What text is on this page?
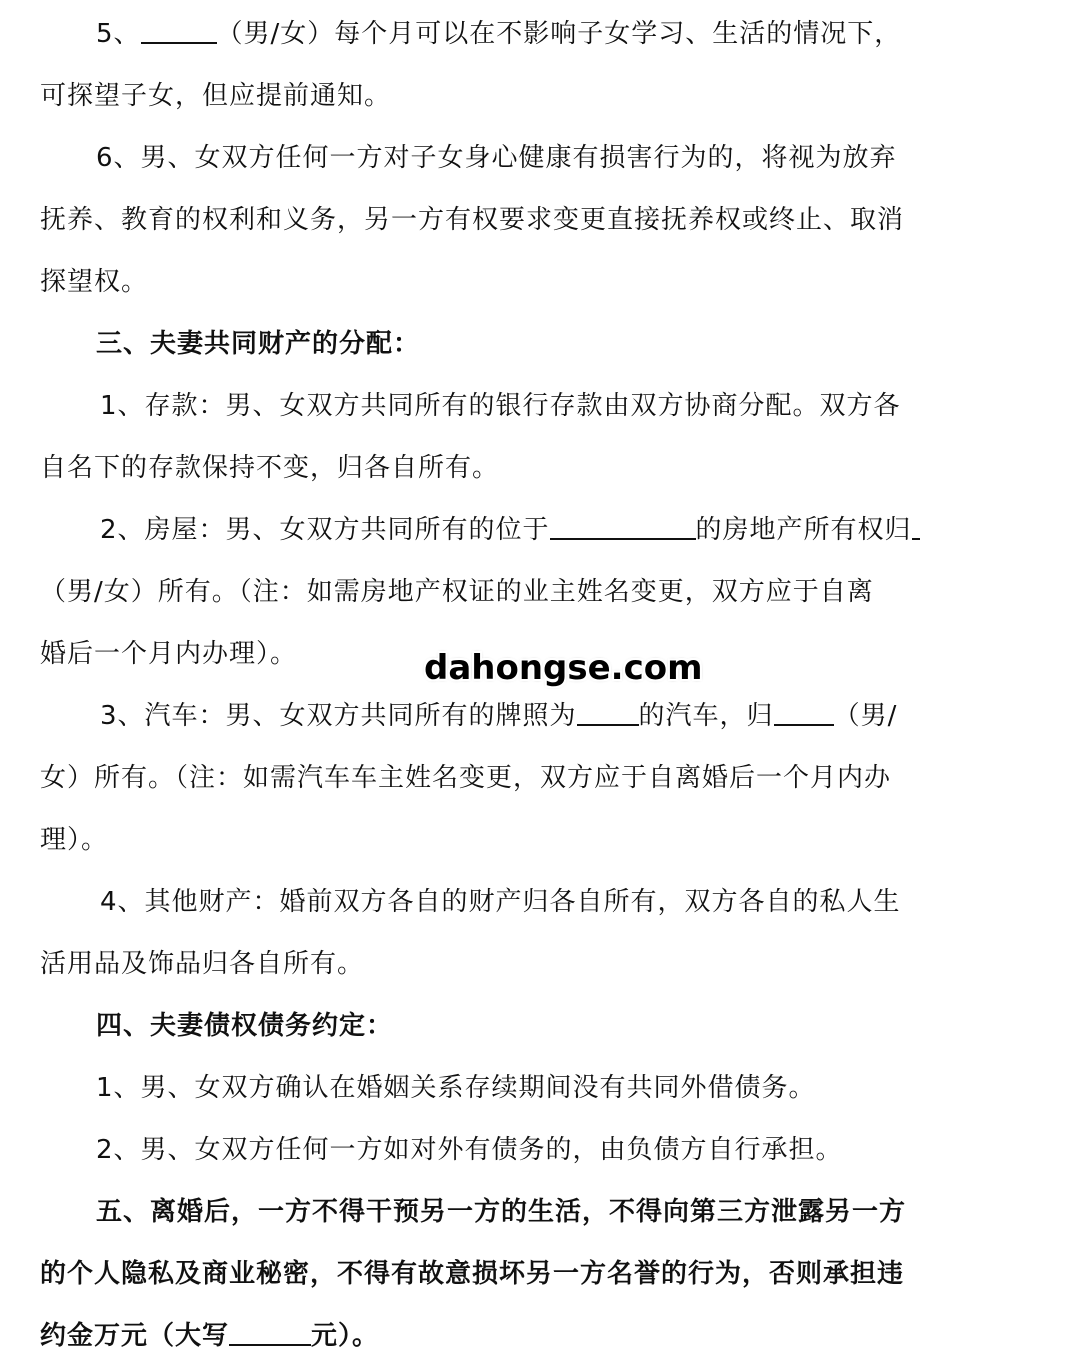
5、	（男/女）每个月可以在不影响子女学习、生活的情况下，
可探望子女，但应提前通知。
6、男、女双方任何一方对子女身心健康有损害行为的，将视为放弃
抚养、教育的权利和义务，另一方有权要求变更直接抚养权或终止、取消
探望权。
三、夫妻共同财产的分配：
1、存款：男、女双方共同所有的银行存款由双方协商分配。双方各
自名下的存款保持不变，归各自所有。
2、房屋：男、女双方共同所有的位于	的房地产所有权归
（男/女）所有。（注：如需房地产权证的业主姓名变更，双方应于自离
婚后一个月内办理）。
3、汽车：男、女双方共同所有的牌照为 的汽车，归 （男/
女）所有。（注：如需汽车车主姓名变更，双方应于自离婚后一个月内办
理）。
4、其他财产：婚前双方各自的财产归各自所有，双方各自的私人生
活用品及饰品归各自所有。
四、夫妻债权债务约定：
1、男、女双方确认在婚姻关系存续期间没有共同外借债务。
2、男、女双方任何一方如对外有债务的，由负债方自行承担。
五、离婚后，一方不得干预另一方的生活，不得向第三方泄露另一方
的个人隐私及商业秘密，不得有故意损坏另一方名誉的行为，否则承担违
约金万元（大写	元）。
dahongse.com
